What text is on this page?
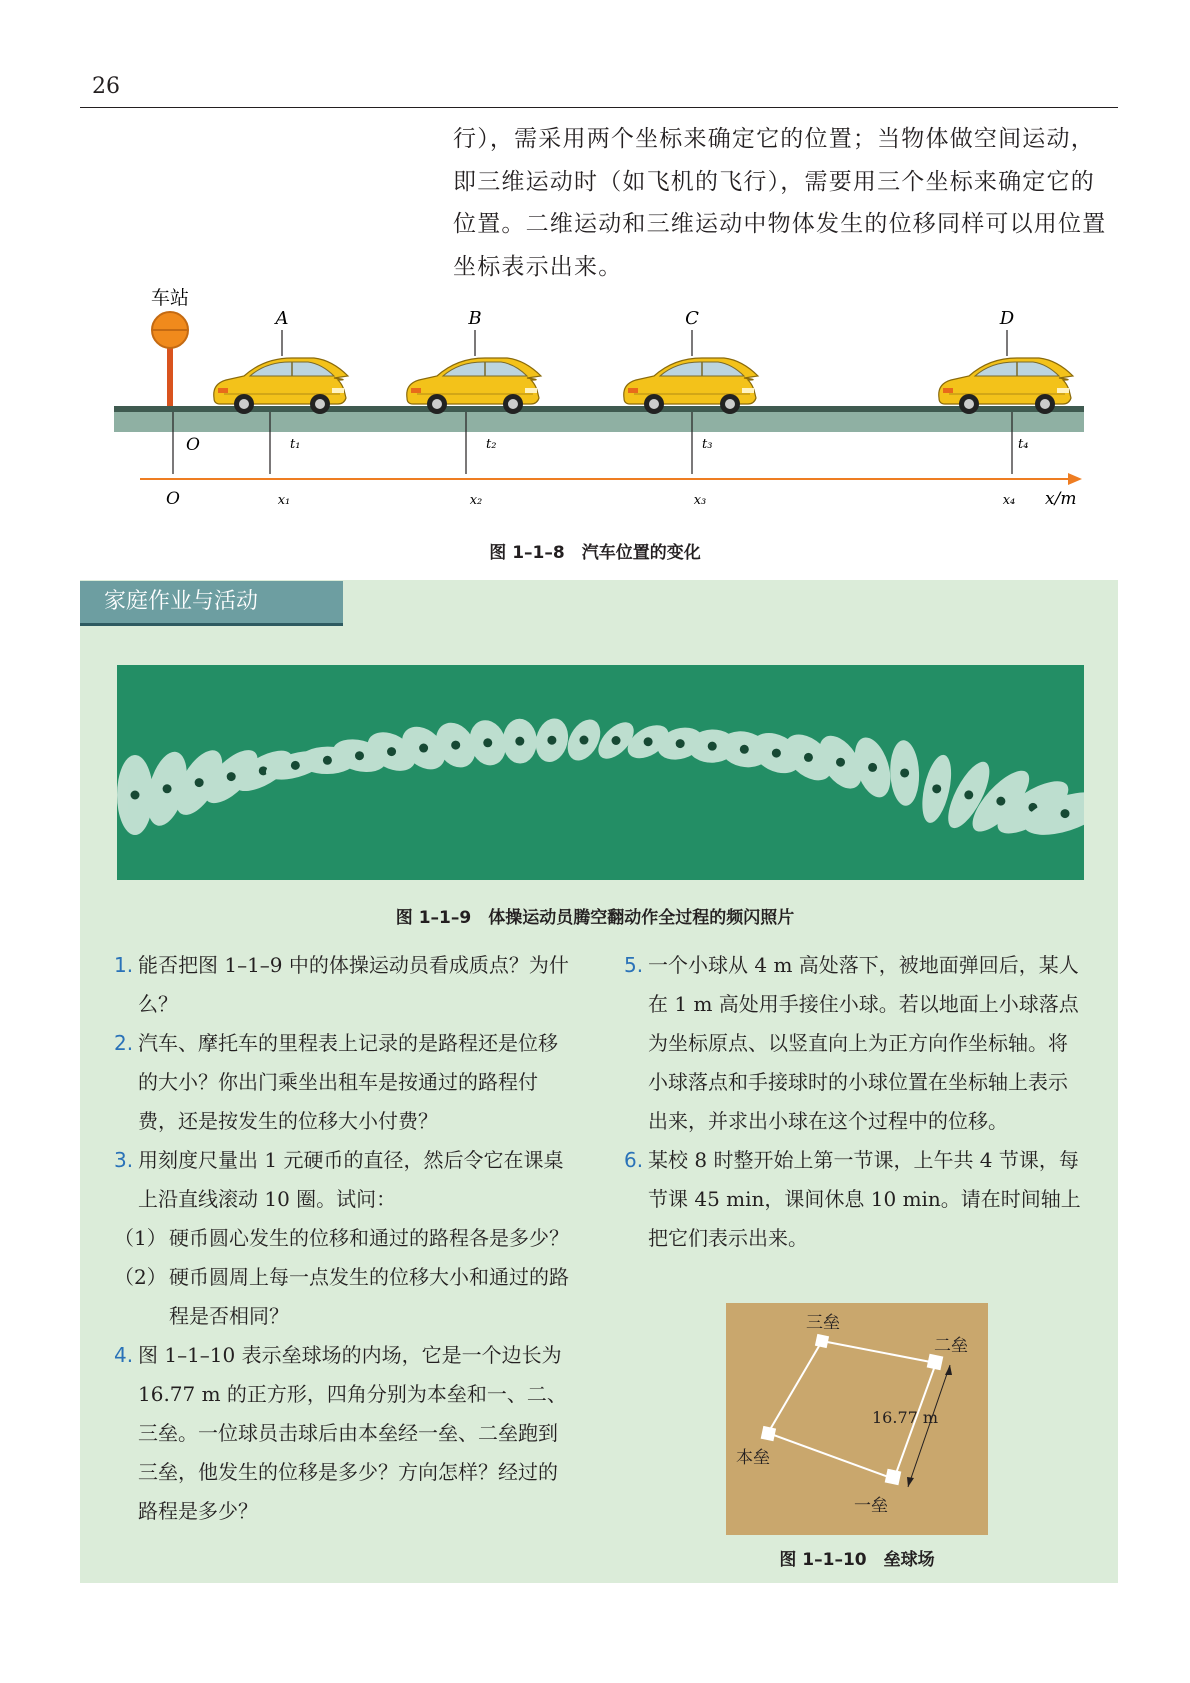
26

行），需采用两个坐标来确定它的位置；当物体做空间运动，

即三维运动时（如飞机的飞行），需要用三个坐标来确定它的

位置。二维运动和三维运动中物体发生的位移同样可以用位置

坐标表示出来。

车站
A	B	C	D
O	t₁	t₂	t₃	t₄
O	x₁	x₂	x₃	x₄ x/m
图 1–1–8　汽车位置的变化
家庭作业与活动
图 1–1–9　体操运动员腾空翻动作全过程的频闪照片
1. 能否把图 1–1–9 中的体操运动员看成质点？为什么？
2. 汽车、摩托车的里程表上记录的是路程还是位移的大小？你出门乘坐出租车是按通过的路程付费，还是按发生的位移大小付费？
3. 用刻度尺量出 1 元硬币的直径，然后令它在课桌上沿直线滚动 10 圈。试问：
（1） 硬币圆心发生的位移和通过的路程各是多少？
（2） 硬币圆周上每一点发生的位移大小和通过的路程是否相同？
4. 图 1–1–10 表示垒球场的内场，它是一个边长为 16.77 m 的正方形，四角分别为本垒和一、二、三垒。一位球员击球后由本垒经一垒、二垒跑到三垒，他发生的位移是多少？方向怎样？经过的路程是多少？
5. 一个小球从 4 m 高处落下，被地面弹回后，某人在 1 m 高处用手接住小球。若以地面上小球落点为坐标原点、以竖直向上为正方向作坐标轴。将小球落点和手接球时的小球位置在坐标轴上表示出来，并求出小球在这个过程中的位移。
6. 某校 8 时整开始上第一节课，上午共 4 节课，每节课 45 min，课间休息 10 min。请在时间轴上把它们表示出来。
三垒
二垒
本垒
一垒
16.77 m
图 1–1–10　垒球场
